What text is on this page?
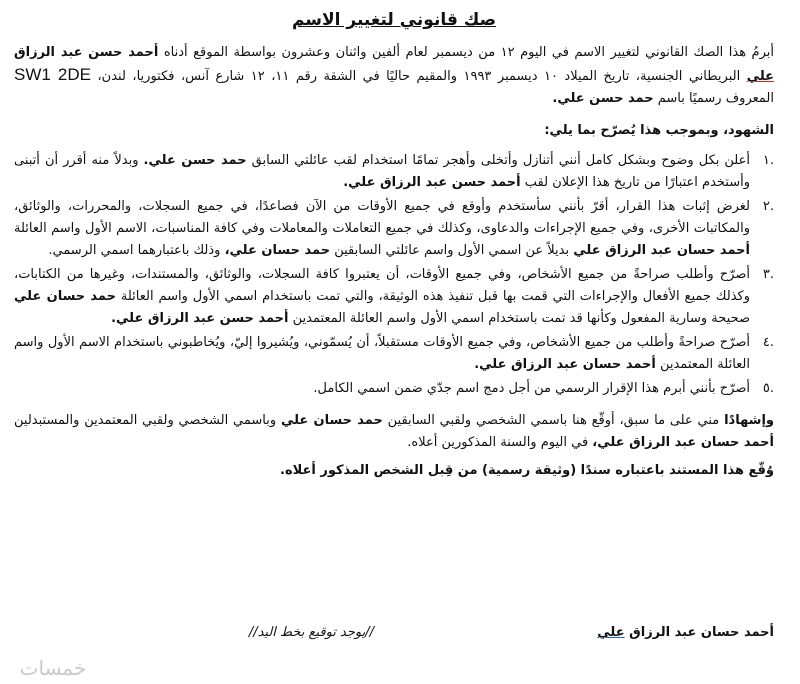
صك قانوني لتغيير الاسم

أبرمُ هذا الصك القانوني لتغيير الاسم في اليوم ١٢ من ديسمبر لعام ألفين واثنان وعشرون بواسطة الموقع أدناه أحمد حسن عبد الرزاق علي البريطاني الجنسية، تاريخ الميلاد ١٠ ديسمبر ١٩٩٣ والمقيم حاليًا في الشقة رقم ١١، ١٢ شارع آنس، فكتوريا، لندن، SW1 2DE المعروف رسميًا باسم حمد حسن علي.

الشهود، وبموجب هذا يُصرّح بما يلي:
.١
أعلن بكل وضوح وبشكل كامل أنني أتنازل وأتخلى وأهجر تمامًا استخدام لقب عائلتي السابق حمد حسن علي. وبدلاً منه أقرر أن أتبنى وأستخدم اعتبارًا من تاريخ هذا الإعلان لقب أحمد حسن عبد الرزاق علي.
.٢
لغرض إثبات هذا القرار، أقرّ بأنني سأستخدم وأوقع في جميع الأوقات من الآن فصاعدًا، في جميع السجلات، والمحررات، والوثائق، والمكاتبات الأخرى، وفي جميع الإجراءات والدعاوى، وكذلك في جميع التعاملات والمعاملات وفي كافة المناسبات، الاسم الأول واسم العائلة أحمد حسان عبد الرزاق علي بديلاً عن اسمي الأول واسم عائلتي السابقين حمد حسان علي، وذلك باعتبارهما اسمي الرسمي.
.٣
أصرّح وأطلب صراحةً من جميع الأشخاص، وفي جميع الأوقات، أن يعتبروا كافة السجلات، والوثائق، والمستندات، وغيرها من الكتابات، وكذلك جميع الأفعال والإجراءات التي قمت بها قبل تنفيذ هذه الوثيقة، والتي تمت باستخدام اسمي الأول واسم العائلة حمد حسان علي صحيحة وسارية المفعول وكأنها قد تمت باستخدام اسمي الأول واسم العائلة المعتمدين أحمد حسن عبد الرزاق علي.
.٤
أصرّح صراحةً وأطلب من جميع الأشخاص، وفي جميع الأوقات مستقبلاً، أن يُسمّوني، ويُشيروا إليّ، ويُخاطبوني باستخدام الاسم الأول واسم العائلة المعتمدين أحمد حسان عبد الرزاق علي.
.٥
أصرّح بأنني أبرم هذا الإقرار الرسمي من أجل دمج اسم جدّي ضمن اسمي الكامل.

وإشهادًا مني على ما سبق، أوقّع هنا باسمي الشخصي ولقبي السابقين حمد حسان علي وباسمي الشخصي ولقبي المعتمدين والمستبدلين أحمد حسان عبد الرزاق علي، في اليوم والسنة المذكورين أعلاه.

وُقّع هذا المستند باعتباره سندًا (وثيقة رسمية) من قِبل الشخص المذكور أعلاه.
أحمد حسان عبد الرزاق علي
//يوجد توقيع بخط اليد//
خمسات
